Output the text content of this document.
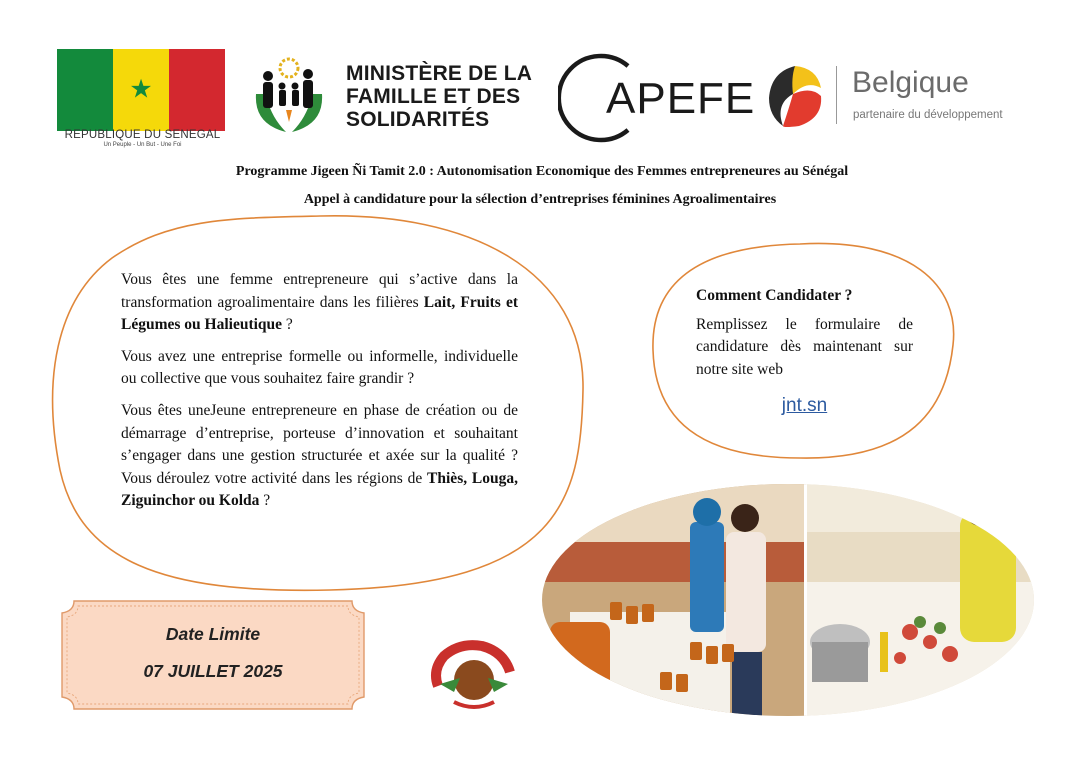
★
REPUBLIQUE DU SENEGAL
Un Peuple - Un But - Une Foi
MINISTÈRE DE LA
FAMILLE ET DES
SOLIDARITÉS	APEFE	Belgique
partenaire du développement
Programme Jigeen Ñi Tamit 2.0 : Autonomisation Economique des Femmes entrepreneures au Sénégal
Appel à candidature pour la sélection d’entreprises féminines Agroalimentaires

Vous êtes une femme entrepreneure qui s’active dans la transformation agroalimentaire dans les filières Lait, Fruits et Légumes ou Halieutique ?

Vous avez une entreprise formelle ou informelle, individuelle ou collective que vous souhaitez faire grandir ?

Vous êtes uneJeune entrepreneure en phase de création ou de démarrage d’entreprise, porteuse d’innovation et souhaitant s’engager dans une gestion structurée et axée sur la qualité ? Vous déroulez votre activité dans les régions de Thiès, Louga, Ziguinchor ou Kolda ?

Comment Candidater ?
Remplissez le formulaire de candidature dès maintenant sur notre site web
jnt.sn
Date Limite
07 JUILLET 2025
